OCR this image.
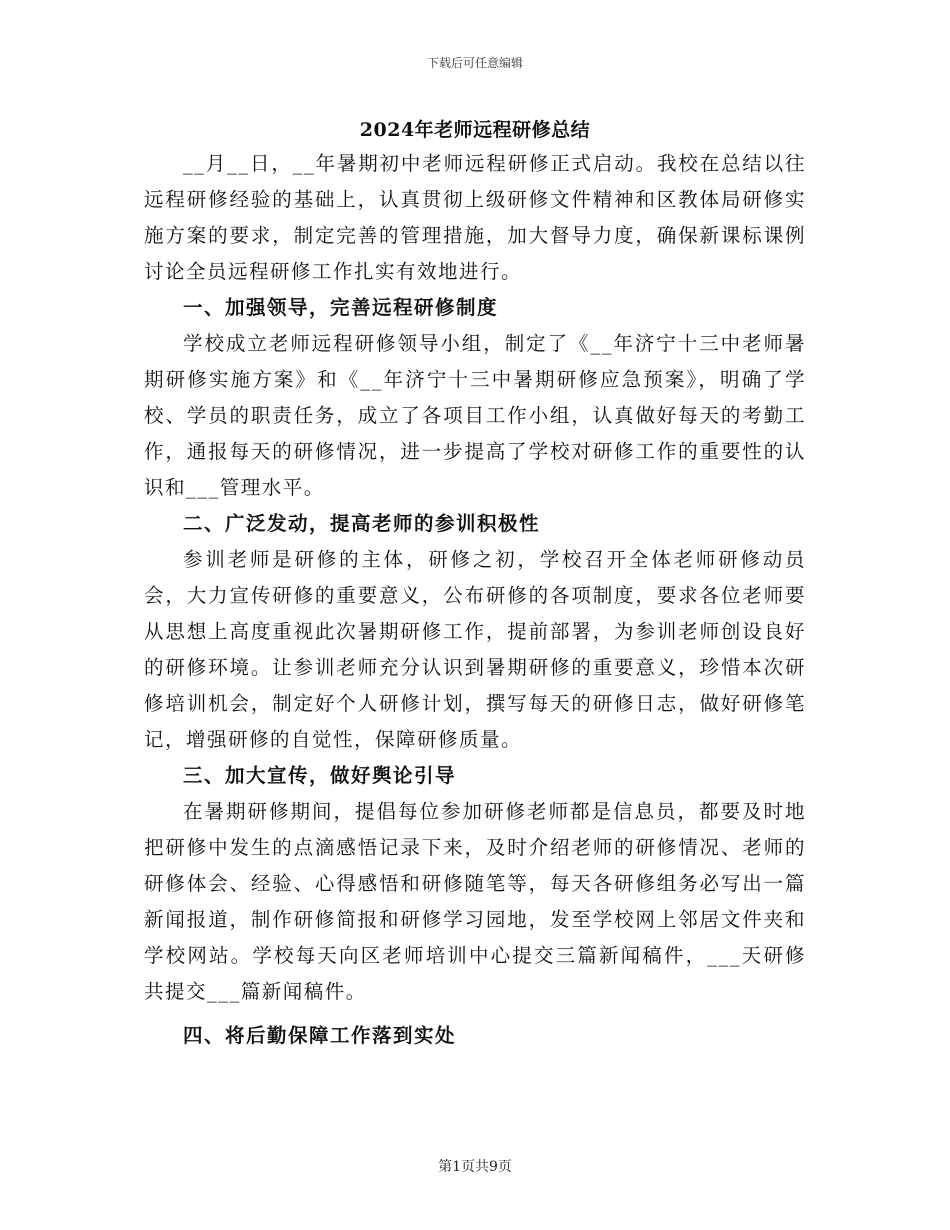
下载后可任意编辑
2024年老师远程研修总结

__月__日，__年暑期初中老师远程研修正式启动。我校在总结以往远程研修经验的基础上，认真贯彻上级研修文件精神和区教体局研修实施方案的要求，制定完善的管理措施，加大督导力度，确保新课标课例讨论全员远程研修工作扎实有效地进行。

一、加强领导，完善远程研修制度

学校成立老师远程研修领导小组，制定了《__年济宁十三中老师暑期研修实施方案》和《__年济宁十三中暑期研修应急预案》，明确了学校、学员的职责任务，成立了各项目工作小组，认真做好每天的考勤工作，通报每天的研修情况，进一步提高了学校对研修工作的重要性的认识和___管理水平。

二、广泛发动，提高老师的参训积极性

参训老师是研修的主体，研修之初，学校召开全体老师研修动员会，大力宣传研修的重要意义，公布研修的各项制度，要求各位老师要从思想上高度重视此次暑期研修工作，提前部署，为参训老师创设良好的研修环境。让参训老师充分认识到暑期研修的重要意义，珍惜本次研修培训机会，制定好个人研修计划，撰写每天的研修日志，做好研修笔记，增强研修的自觉性，保障研修质量。

三、加大宣传，做好舆论引导

在暑期研修期间，提倡每位参加研修老师都是信息员，都要及时地把研修中发生的点滴感悟记录下来，及时介绍老师的研修情况、老师的研修体会、经验、心得感悟和研修随笔等，每天各研修组务必写出一篇新闻报道，制作研修简报和研修学习园地，发至学校网上邻居文件夹和学校网站。学校每天向区老师培训中心提交三篇新闻稿件，___天研修共提交___篇新闻稿件。

四、将后勤保障工作落到实处
第1页共9页
